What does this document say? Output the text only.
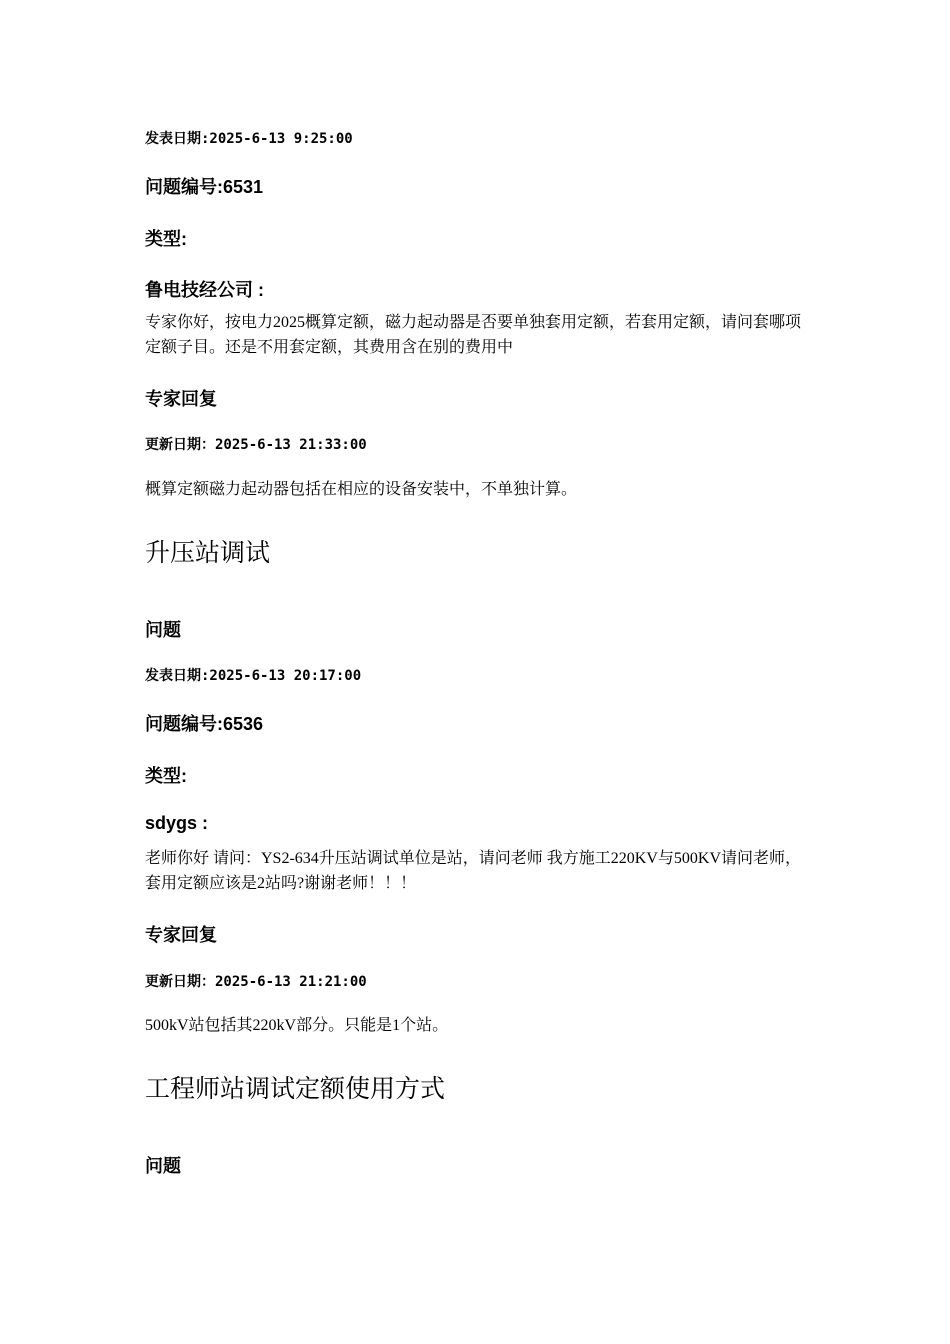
发表日期:2025-6-13 9:25:00

问题编号:6531

类型:

鲁电技经公司 :

专家你好，按电力2025概算定额，磁力起动器是否要单独套用定额，若套用定额，请问套哪项定额子目。还是不用套定额，其费用含在别的费用中

专家回复

更新日期：2025-6-13 21:33:00

概算定额磁力起动器包括在相应的设备安装中，不单独计算。

升压站调试

问题

发表日期:2025-6-13 20:17:00

问题编号:6536

类型:

sdygs :

老师你好 请问：YS2-634升压站调试单位是站，请问老师 我方施工220KV与500KV请问老师，套用定额应该是2站吗?谢谢老师！！！

专家回复

更新日期：2025-6-13 21:21:00

500kV站包括其220kV部分。只能是1个站。

工程师站调试定额使用方式

问题
